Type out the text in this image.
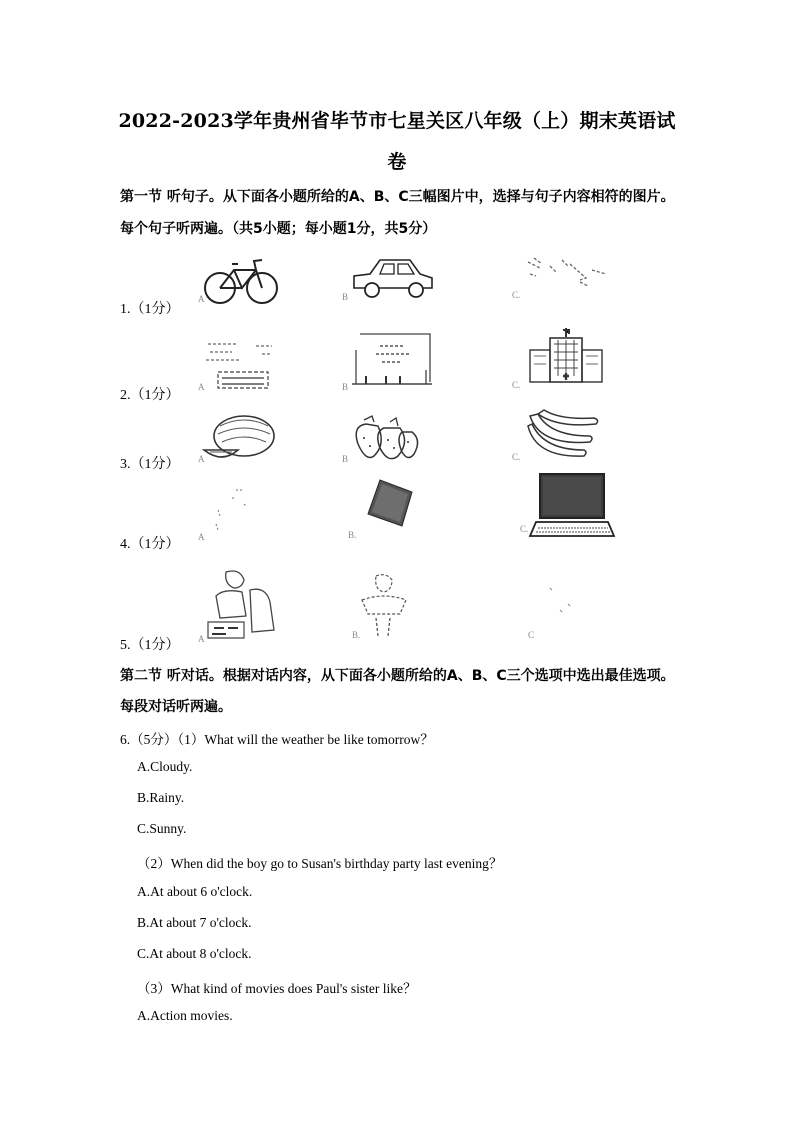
2022-2023学年贵州省毕节市七星关区八年级（上）期末英语试
卷
第一节 听句子。从下面各小题所给的A、B、C三幅图片中，选择与句子内容相符的图片。
每个句子听两遍。（共5小题；每小题1分，共5分）
1.（1分）
A	B	C.
2.（1分）
A	B	C.
3.（1分） A	B	C.
4.（1分） A	B.
C.
5.（1分） A	B.	C
第二节 听对话。根据对话内容，从下面各小题所给的A、B、C三个选项中选出最佳选项。
每段对话听两遍。
6.（5分）（1）What will the weather be like tomorrow？
A.Cloudy.
B.Rainy.
C.Sunny.
（2）When did the boy go to Susan's birthday party last evening？
A.At about 6 o'clock.
B.At about 7 o'clock.
C.At about 8 o'clock.
（3）What kind of movies does Paul's sister like？
A.Action movies.
